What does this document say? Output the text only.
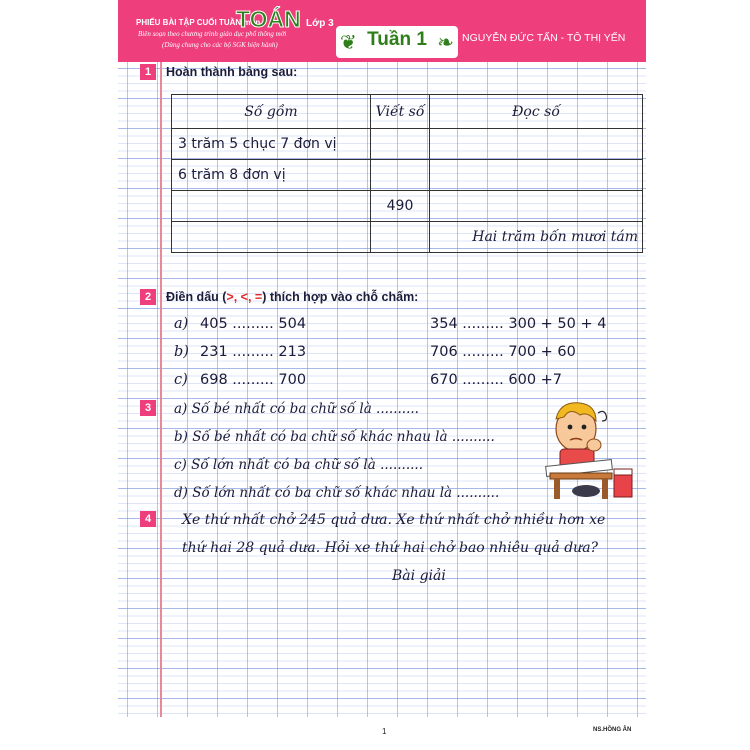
PHIẾU BÀI TẬP CUỐI TUẦN môn
TOÁN Lớp 3
Biên soạn theo chương trình giáo dục phổ thông mới
(Dùng chung cho các bộ SGK hiện hành)	❦ Tuần 1 ❧ NGUYỄN ĐỨC TẤN - TÔ THỊ YẾN
1	Hoàn thành bảng sau:
Số gồm	Viết số	Đọc số
3 trăm 5 chục 7 đơn vị		
6 trăm 8 đơn vị		
	490	
		Hai trăm bốn mươi tám
2	Điền dấu (>, <, =) thích hợp vào chỗ chấm:
a) 405 ......... 504	354 ......... 300 + 50 + 4
b) 231 ......... 213	706 ......... 700 + 60
c) 698 ......... 700	670 ......... 600 +7
3	a) Số bé nhất có ba chữ số là ..........
b) Số bé nhất có ba chữ số khác nhau là ..........
c) Số lớn nhất có ba chữ số là ..........
d) Số lớn nhất có ba chữ số khác nhau là ..........
4	Xe thứ nhất chở 245 quả dưa. Xe thứ nhất chở nhiều hơn xe
thứ hai 28 quả dưa. Hỏi xe thứ hai chở bao nhiêu quả dưa?
Bài giải
1	NS.HỒNG ÂN
